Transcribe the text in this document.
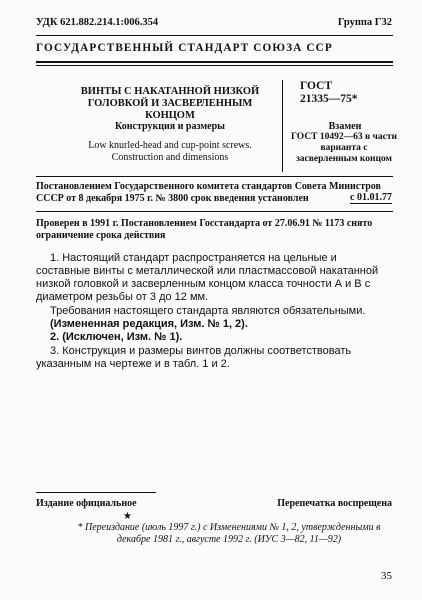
УДК 621.882.214.1:006.354	Группа Г32
ГОСУДАРСТВЕННЫЙ СТАНДАРТ СОЮЗА ССР
ВИНТЫ С НАКАТАННОЙ НИЗКОЙ ГОЛОВКОЙ И ЗАСВЕРЛЕННЫМ КОНЦОМ
Конструкция и размеры
Low knurled-head and cup-point screws. Construction and dimensions
ГОСТ
21335—75*
Взамен
ГОСТ 10492—63 в части варианта с засверленным концом
Постановлением Государственного комитета стандартов Совета Министров СССР от 8 декабря 1975 г. № 3800 срок введения установлен	с 01.01.77
Проверен в 1991 г. Постановлением Госстандарта от 27.06.91 № 1173 снято ограничение срока действия
1. Настоящий стандарт распространяется на цельные и составные винты с металлической или пластмассовой накатанной низкой головкой и засверленным концом класса точности А и В с диаметром резьбы от 3 до 12 мм.
Требования настоящего стандарта являются обязательными.
(Измененная редакция, Изм. № 1, 2).
2. (Исключен, Изм. № 1).
3. Конструкция и размеры винтов должны соответствовать указанным на чертеже и в табл. 1 и 2.
Издание официальное	Перепечатка воспрещена
★
* Переиздание (июль 1997 г.) с Изменениями № 1, 2, утвержденными в декабре 1981 г., августе 1992 г. (ИУС 3—82, 11—92)
35
